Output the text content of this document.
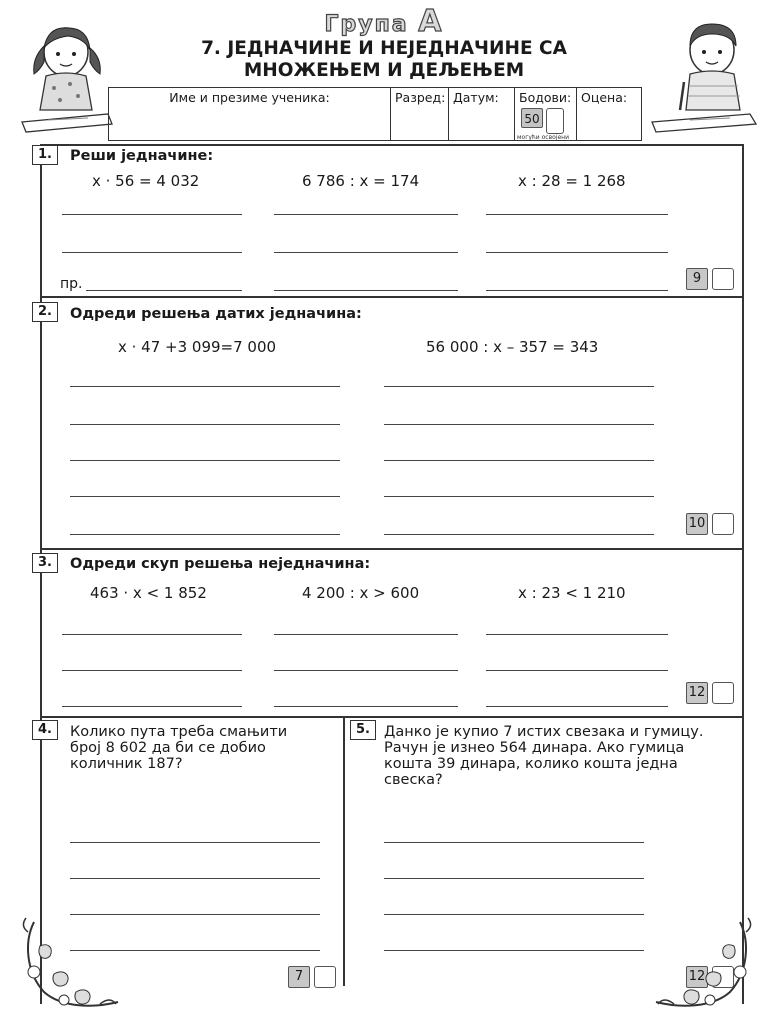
Група А
7. ЈЕДНАЧИНЕ И НЕЈЕДНАЧИНЕ СА
МНОЖЕЊЕМ И ДЕЉЕЊЕМ
Име и презиме ученика:	Разред: Датум:	Бодови:
50
могући освојени
Оцена:
1.	Реши једначине:
x · 56 = 4 032	6 786 : x = 174	x : 28 = 1 268
пр.	9
2.	Одреди решења датих једначина:
x · 47 +3 099=7 000	56 000 : x – 357 = 343
10
3.	Одреди скуп решења неједначина:
463 · x < 1 852	4 200 : x > 600	x : 23 < 1 210
12
4.	Колико пута треба смањити
број 8 602 да би се добио
количник 187?
7
5. Данко је купио 7 истих свезака и гумицу.
Рачун је изнео 564 динара. Ако гумица
кошта 39 динара, колико кошта једна
свеска?
12
